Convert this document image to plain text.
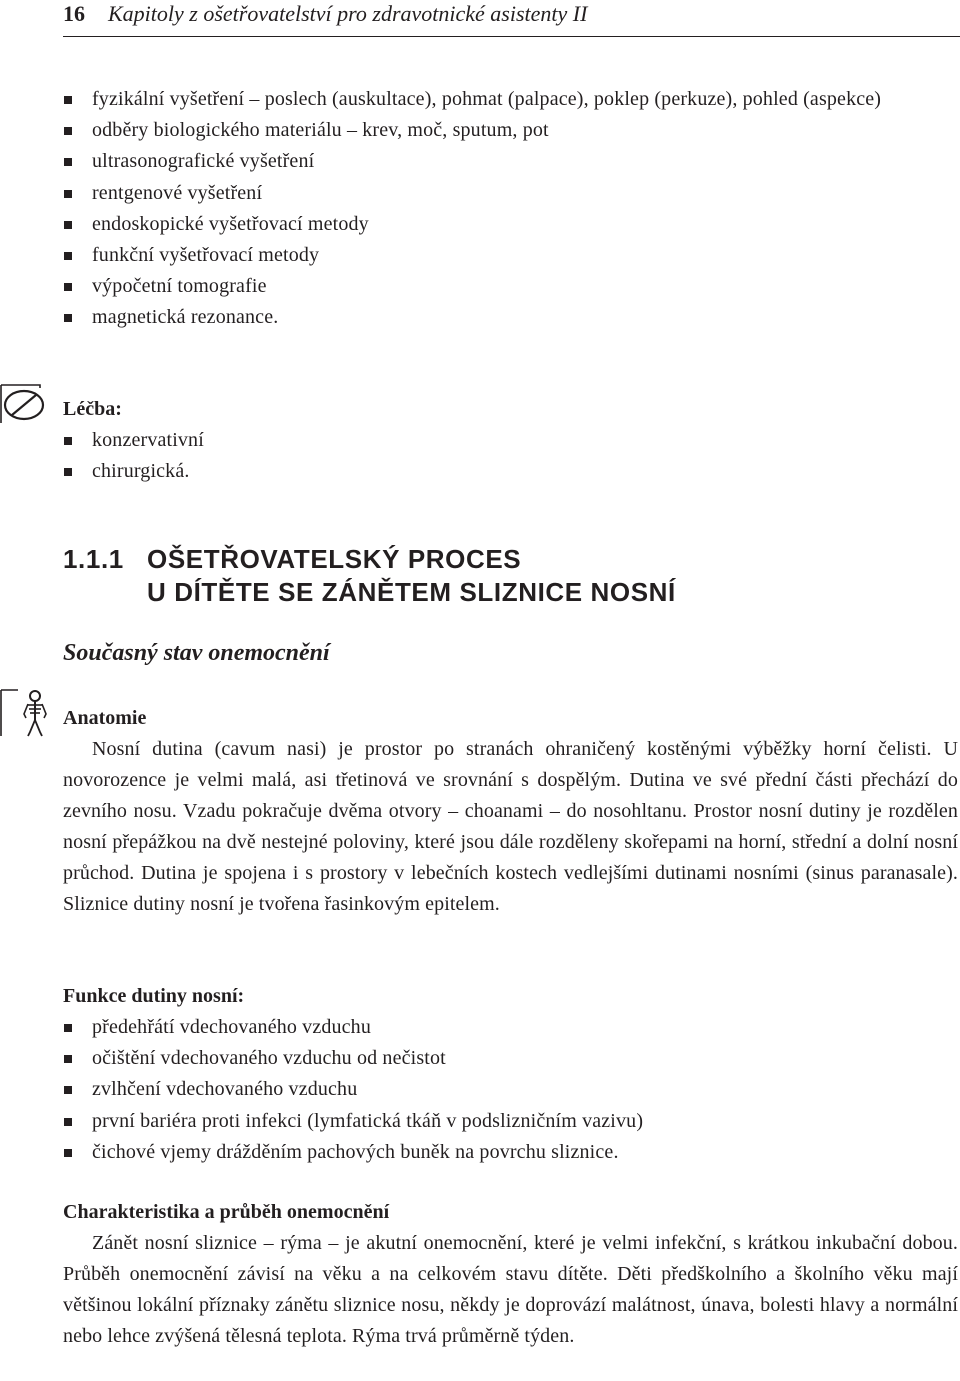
16 Kapitoly z ošetřovatelství pro zdravotnické asistenty II
fyzikální vyšetření – poslech (auskultace), pohmat (palpace), poklep (perkuze), pohled (aspekce)
odběry biologického materiálu – krev, moč, sputum, pot
ultrasonografické vyšetření
rentgenové vyšetření
endoskopické vyšetřovací metody
funkční vyšetřovací metody
výpočetní tomografie
magnetická rezonance.
Léčba:
konzervativní
chirurgická.
1.1.1 OŠETŘOVATELSKÝ PROCES
U DÍTĚTE SE ZÁNĚTEM SLIZNICE NOSNÍ
Současný stav onemocnění
Anatomie

Nosní dutina (cavum nasi) je prostor po stranách ohraničený kostěnými výběžky horní čelisti. U novorozence je velmi malá, asi třetinová ve srovnání s dospělým. Dutina ve své přední části přechází do zevního nosu. Vzadu pokračuje dvěma otvory – choanami – do nosohltanu. Prostor nosní dutiny je rozdělen nosní přepážkou na dvě nestejné poloviny, které jsou dále rozděleny skořepami na horní, střední a dolní nosní průchod. Dutina je spojena i s prostory v lebečních kostech vedlejšími dutinami nosními (sinus paranasale). Sliznice dutiny nosní je tvořena řasinkovým epitelem.

Funkce dutiny nosní:
předehřátí vdechovaného vzduchu
očištění vdechovaného vzduchu od nečistot
zvlhčení vdechovaného vzduchu
první bariéra proti infekci (lymfatická tkáň v podslizničním vazivu)
čichové vjemy drážděním pachových buněk na povrchu sliznice.
Charakteristika a průběh onemocnění

Zánět nosní sliznice – rýma – je akutní onemocnění, které je velmi infekční, s krátkou inkubační dobou. Průběh onemocnění závisí na věku a na celkovém stavu dítěte. Děti předškolního a školního věku mají většinou lokální příznaky zánětu sliznice nosu, někdy je doprovází malátnost, únava, bolesti hlavy a normální nebo lehce zvýšená tělesná teplota. Rýma trvá průměrně týden.
